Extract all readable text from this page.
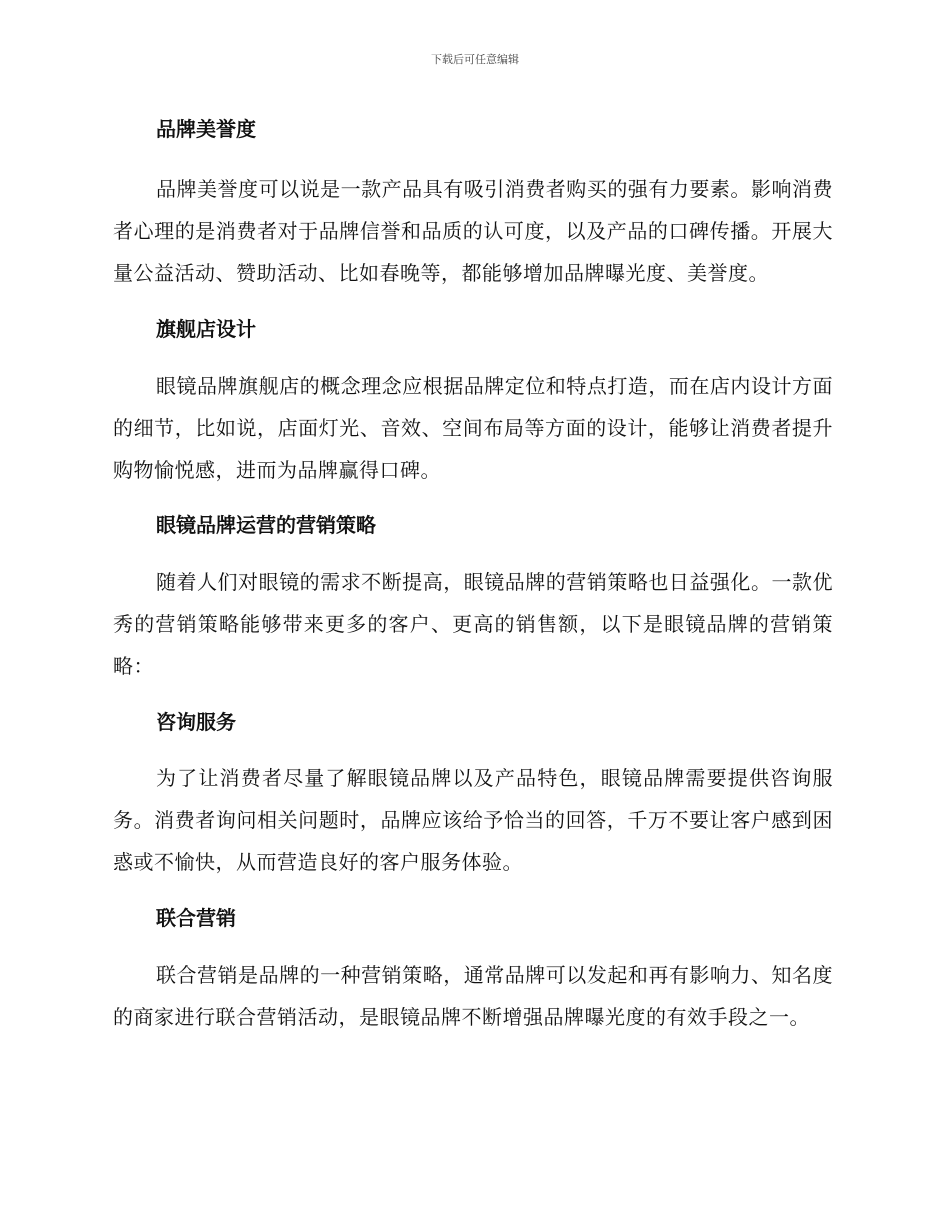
下载后可任意编辑
品牌美誉度

品牌美誉度可以说是一款产品具有吸引消费者购买的强有力要素。影响消费者心理的是消费者对于品牌信誉和品质的认可度，以及产品的口碑传播。开展大量公益活动、赞助活动、比如春晚等，都能够增加品牌曝光度、美誉度。

旗舰店设计

眼镜品牌旗舰店的概念理念应根据品牌定位和特点打造，而在店内设计方面的细节，比如说，店面灯光、音效、空间布局等方面的设计，能够让消费者提升购物愉悦感，进而为品牌赢得口碑。

眼镜品牌运营的营销策略

随着人们对眼镜的需求不断提高，眼镜品牌的营销策略也日益强化。一款优秀的营销策略能够带来更多的客户、更高的销售额，以下是眼镜品牌的营销策略：

咨询服务

为了让消费者尽量了解眼镜品牌以及产品特色，眼镜品牌需要提供咨询服务。消费者询问相关问题时，品牌应该给予恰当的回答，千万不要让客户感到困惑或不愉快，从而营造良好的客户服务体验。

联合营销

联合营销是品牌的一种营销策略，通常品牌可以发起和再有影响力、知名度的商家进行联合营销活动，是眼镜品牌不断增强品牌曝光度的有效手段之一。
